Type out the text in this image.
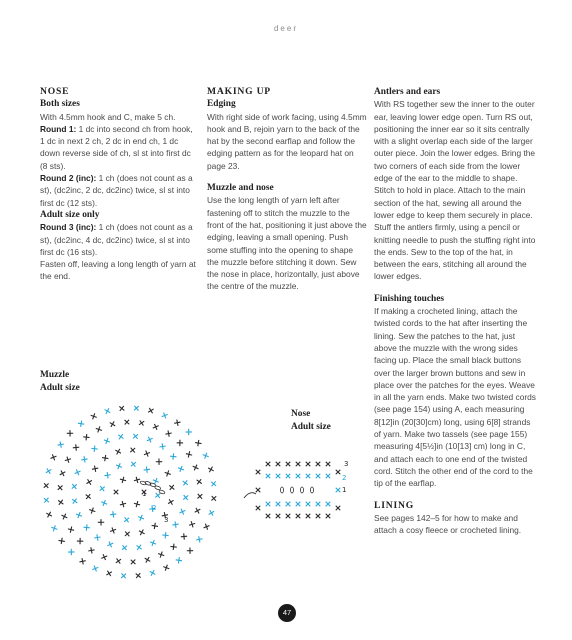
deer

NOSE

Both sizes

With 4.5mm hook and C, make 5 ch.

Round 1: 1 dc into second ch from hook, 1 dc in next 2 ch, 2 dc in end ch, 1 dc down reverse side of ch, sl st into first dc (8 sts).

Round 2 (inc): 1 ch (does not count as a st), (dc2inc, 2 dc, dc2inc) twice, sl st into first dc (12 sts).

Adult size only

Round 3 (inc): 1 ch (does not count as a st), (dc2inc, 4 dc, dc2inc) twice, sl st into first dc (16 sts).

Fasten off, leaving a long length of yarn at the end.

MAKING UP

Edging

With right side of work facing, using 4.5mm hook and B, rejoin yarn to the back of the hat by the second earflap and follow the edging pattern as for the leopard hat on page 23.

Muzzle and nose

Use the long length of yarn left after fastening off to stitch the muzzle to the front of the hat, positioning it just above the edging, leaving a small opening. Push some stuffing into the opening to shape the muzzle before stitching it down. Sew the nose in place, horizontally, just above the centre of the muzzle.

Antlers and ears

With RS together sew the inner to the outer ear, leaving lower edge open. Turn RS out, positioning the inner ear so it sits centrally with a slight overlap each side of the larger outer piece. Join the lower edges. Bring the two corners of each side from the lower edge of the ear to the middle to shape. Stitch to hold in place. Attach to the main section of the hat, sewing all around the lower edge to keep them securely in place. Stuff the antlers firmly, using a pencil or knitting needle to push the stuffing right into the ends. Sew to the top of the hat, in between the ears, stitching all around the lower edges.

Finishing touches

If making a crocheted lining, attach the twisted cords to the hat after inserting the lining. Sew the patches to the hat, just above the muzzle with the wrong sides facing up. Place the small black buttons over the larger brown buttons and sew in place over the patches for the eyes. Weave in all the yarn ends. Make two twisted cords (see page 154) using A, each measuring 8[12]in (20[30]cm) long, using 6[8] strands of yarn. Make two tassels (see page 155) measuring 4[5½]in (10[13] cm) long in C, and attach each to one end of the twisted cord. Stitch the other end of the cord to the tip of the earflap.

LINING

See pages 142–5 for how to make and attach a cosy fleece or crocheted lining.

Muzzle

Adult size

1
2
3

Nose

Adult size

3
2
1
47
